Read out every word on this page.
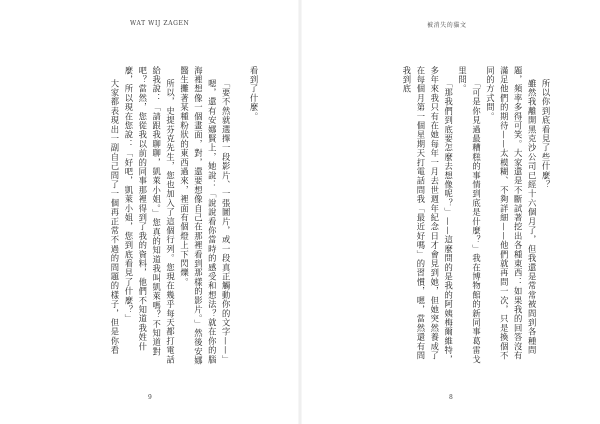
WAT WIJ ZAGEN

看到了什麼。

「要不然就選擇一段影片、一張圖片，或一段真正觸動你的文字——」

嗯，還有安娜賢上，她說：「說說看你當時的感受和想法？就在你的腦海裡想像一個畫面，對，還要想像自己在那裡看到那樣的影片。」然後安娜醫生攤著某種粉狀的東西過來，裡面有個燈上下閃爍。

所以，史提芬克先生，您也加入了這個行列。您現在幾乎每天都打電話給我說：「請跟我聊聊，凱萊小姐。」您真的知道我叫凱萊嗎？不知道對吧？當然，您從我以前的同事那裡得到了我的資料，他們不知道我姓什麼，所以現在您說：「好吧，凱萊小姐，您到底看見了什麼？」

大家都表現出一副自己問了一個再正常不過的問題的樣子，但是你看

9
被消失的貓文

所以你到底看見了些什麼？

雖然我離開黑克沙公司已經十六個月了，但我還是常常被問到各種問題，頻率多得可笑。大家還是不斷試著挖出各種東西：如果我的回答沒有滿足他們的期待——太模糊、不夠詳細——他們就再問一次，只是換個不同的方式問。

「可是你見過最糟糕的事情到底是什麼？」我在博物館的新同事葛雷戈里問。

「那我們到底要怎麼去想像呢？」——這麼問的是我的阿姨梅爾維特，多年來我只有在她每年一月去世週年紀念日才會見到她，但她突然養成了在每個月第一個星期天打電話問我「最近好嗎」的習慣，嗯，當然還有問我到底

8
